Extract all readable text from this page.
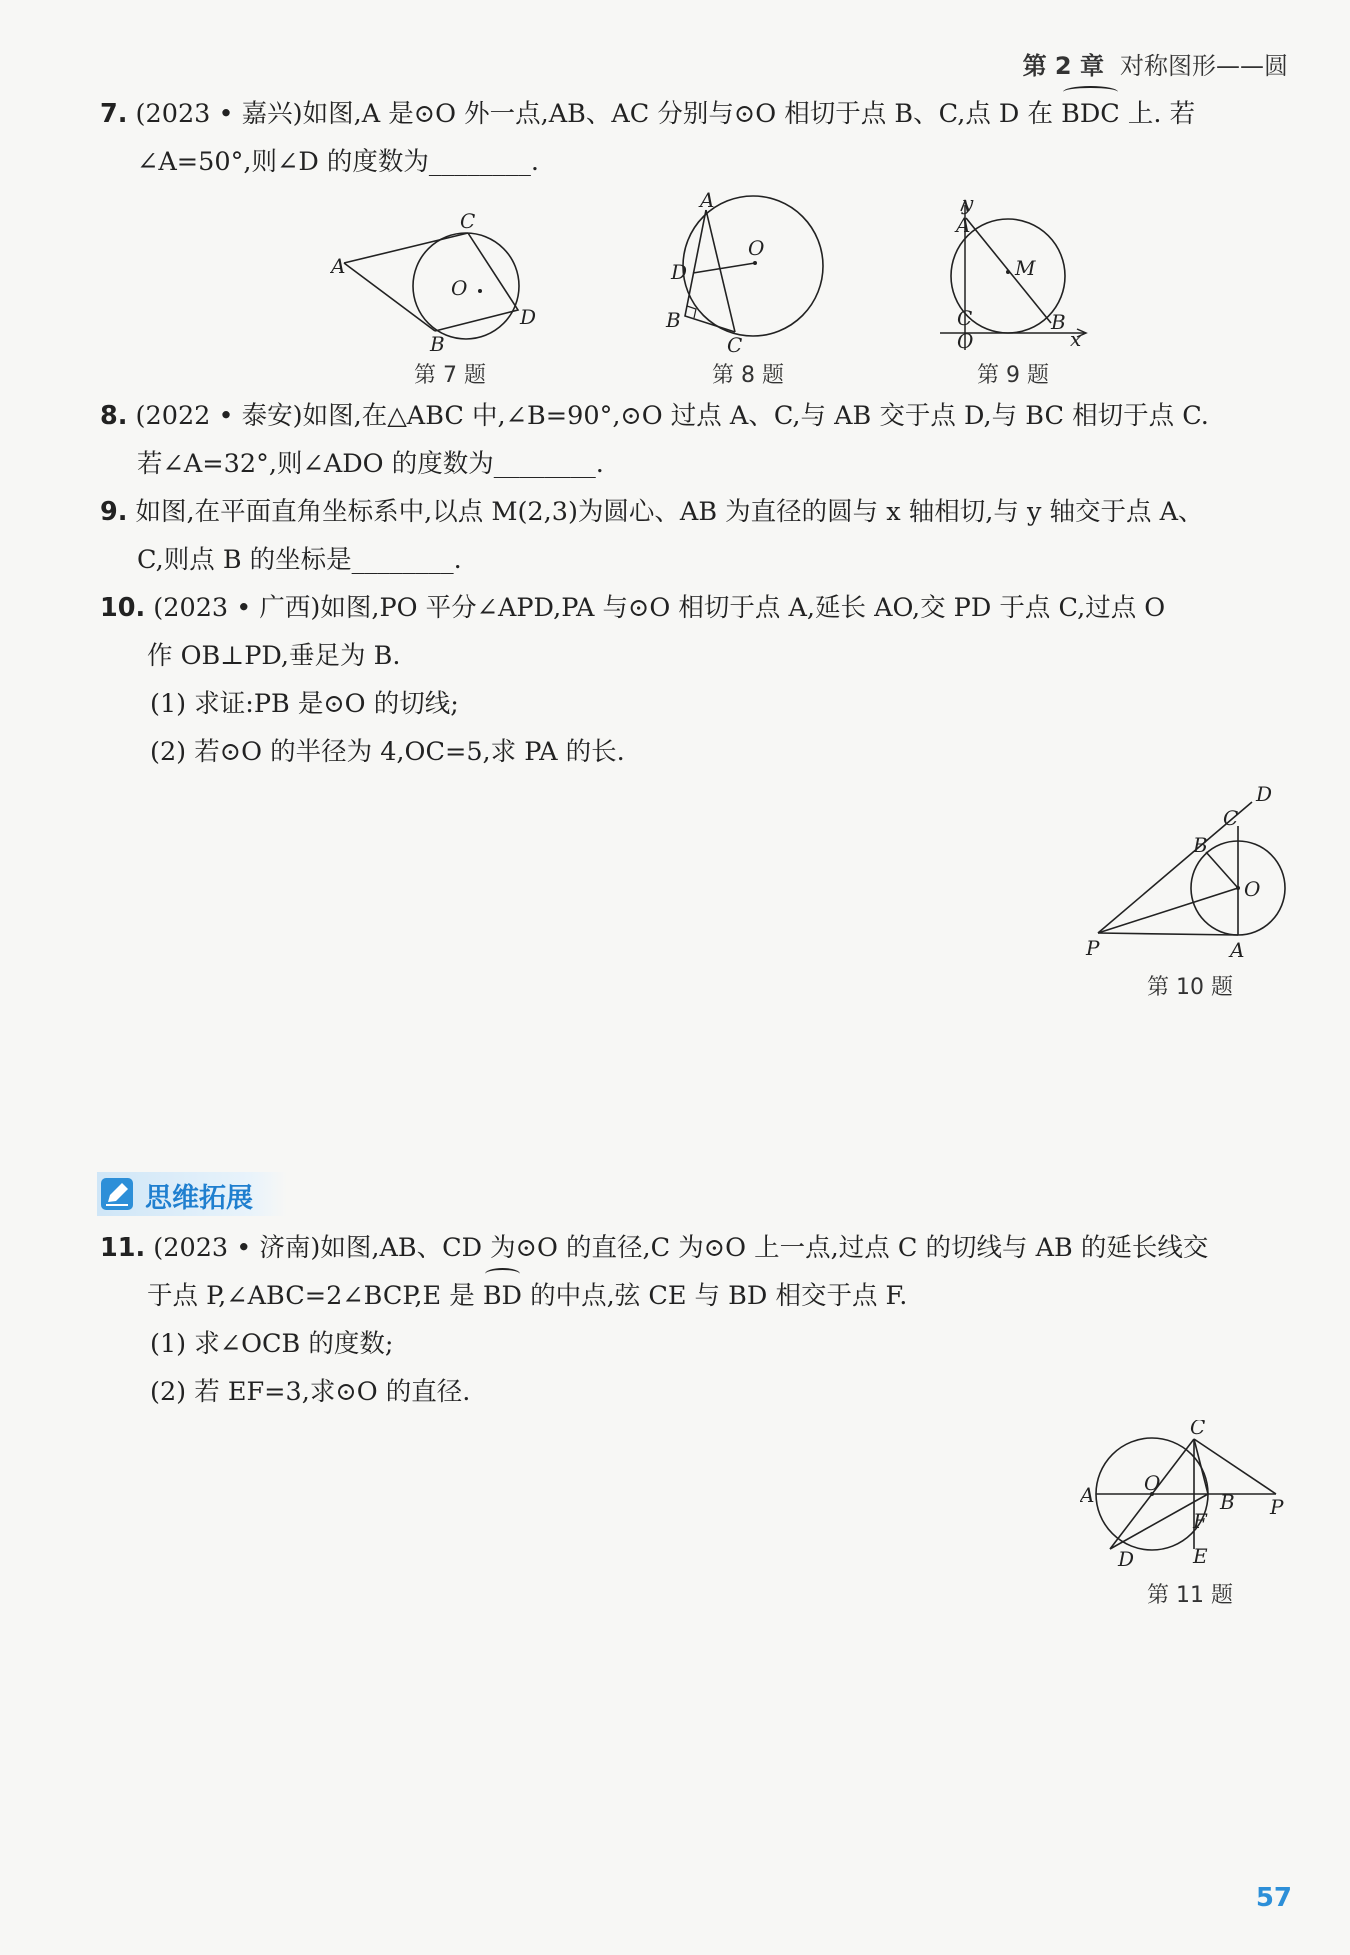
第 2 章 对称图形——圆
7. (2023 • 嘉兴)如图,A 是⊙O 外一点,AB、AC 分别与⊙O 相切于点 B、C,点 D 在 BDC 上. 若
∠A=50°,则∠D 的度数为________.
A
C
O
D
B
第 7 题
A
O
D
B
C
第 8 题
y
A
M
C
O
B
x
第 9 题
8. (2022 • 泰安)如图,在△ABC 中,∠B=90°,⊙O 过点 A、C,与 AB 交于点 D,与 BC 相切于点 C.
若∠A=32°,则∠ADO 的度数为________.
9. 如图,在平面直角坐标系中,以点 M(2,3)为圆心、AB 为直径的圆与 x 轴相切,与 y 轴交于点 A、
C,则点 B 的坐标是________.
10. (2023 • 广西)如图,PO 平分∠APD,PA 与⊙O 相切于点 A,延长 AO,交 PD 于点 C,过点 O
作 OB⊥PD,垂足为 B.
(1) 求证:PB 是⊙O 的切线;
(2) 若⊙O 的半径为 4,OC=5,求 PA 的长.
D
C
B
O
P	A
第 10 题
思维拓展
11. (2023 • 济南)如图,AB、CD 为⊙O 的直径,C 为⊙O 上一点,过点 C 的切线与 AB 的延长线交
于点 P,∠ABC=2∠BCP,E 是 BD 的中点,弦 CE 与 BD 相交于点 F.
(1) 求∠OCB 的度数;
(2) 若 EF=3,求⊙O 的直径.
C
A O
B P
F
D	E
第 11 题
57
